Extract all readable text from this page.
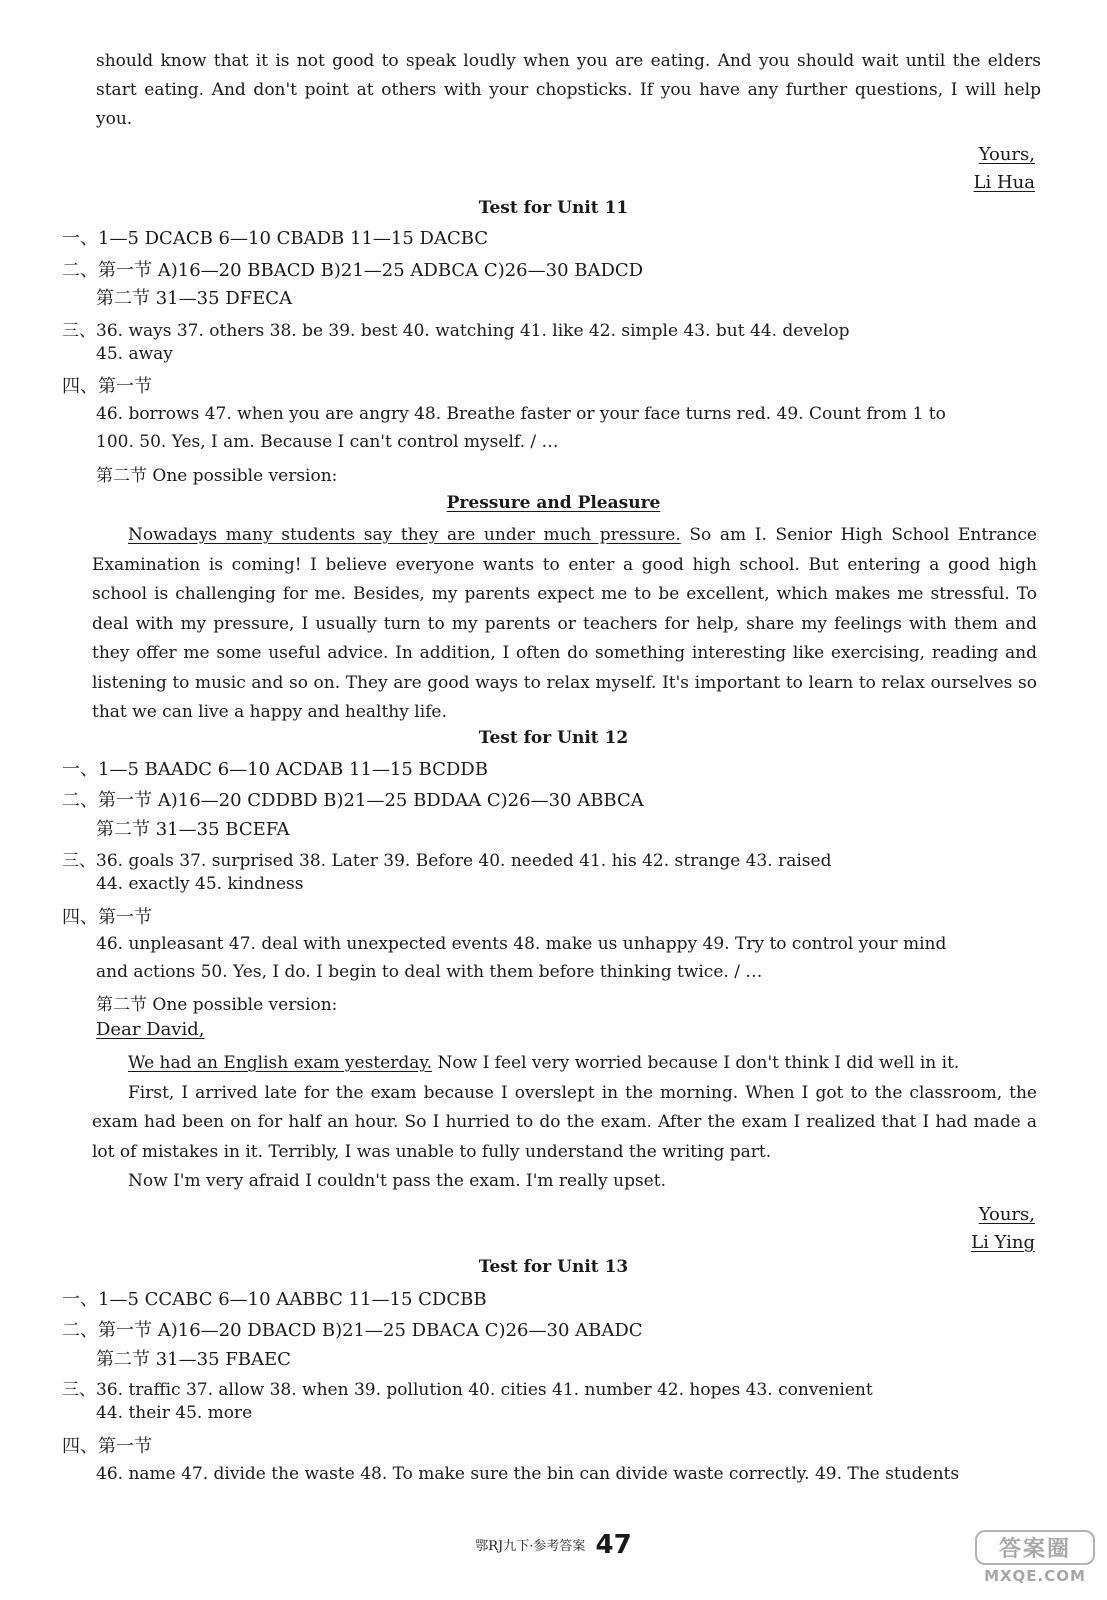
should know that it is not good to speak loudly when you are eating. And you should wait until the elders start eating. And don't point at others with your chopsticks. If you have any further questions, I will help you.
Yours,
Li Hua
Test for Unit 11
一、1—5 DCACB 6—10 CBADB 11—15 DACBC
二、第一节 A)16—20 BBACD B)21—25 ADBCA C)26—30 BADCD
第二节 31—35 DFECA
三、36. ways 37. others 38. be 39. best 40. watching 41. like 42. simple 43. but 44. develop
45. away
四、第一节
46. borrows 47. when you are angry 48. Breathe faster or your face turns red. 49. Count from 1 to
100. 50. Yes, I am. Because I can't control myself. / …
第二节 One possible version:
Pressure and Pleasure

Nowadays many students say they are under much pressure. So am I. Senior High School Entrance Examination is coming! I believe everyone wants to enter a good high school. But entering a good high school is challenging for me. Besides, my parents expect me to be excellent, which makes me stressful. To deal with my pressure, I usually turn to my parents or teachers for help, share my feelings with them and they offer me some useful advice. In addition, I often do something interesting like exercising, reading and listening to music and so on. They are good ways to relax myself. It's important to learn to relax ourselves so that we can live a happy and healthy life.

Test for Unit 12
一、1—5 BAADC 6—10 ACDAB 11—15 BCDDB
二、第一节 A)16—20 CDDBD B)21—25 BDDAA C)26—30 ABBCA
第二节 31—35 BCEFA
三、36. goals 37. surprised 38. Later 39. Before 40. needed 41. his 42. strange 43. raised
44. exactly 45. kindness
四、第一节
46. unpleasant 47. deal with unexpected events 48. make us unhappy 49. Try to control your mind
and actions 50. Yes, I do. I begin to deal with them before thinking twice. / …
第二节 One possible version:
Dear David,

We had an English exam yesterday. Now I feel very worried because I don't think I did well in it.

First, I arrived late for the exam because I overslept in the morning. When I got to the classroom, the exam had been on for half an hour. So I hurried to do the exam. After the exam I realized that I had made a lot of mistakes in it. Terribly, I was unable to fully understand the writing part.

Now I'm very afraid I couldn't pass the exam. I'm really upset.

Yours,
Li Ying
Test for Unit 13
一、1—5 CCABC 6—10 AABBC 11—15 CDCBB
二、第一节 A)16—20 DBACD B)21—25 DBACA C)26—30 ABADC
第二节 31—35 FBAEC
三、36. traffic 37. allow 38. when 39. pollution 40. cities 41. number 42. hopes 43. convenient
44. their 45. more
四、第一节
46. name 47. divide the waste 48. To make sure the bin can divide waste correctly. 49. The students
鄂RJ九下·参考答案 47	答案圈
MXQE.COM
